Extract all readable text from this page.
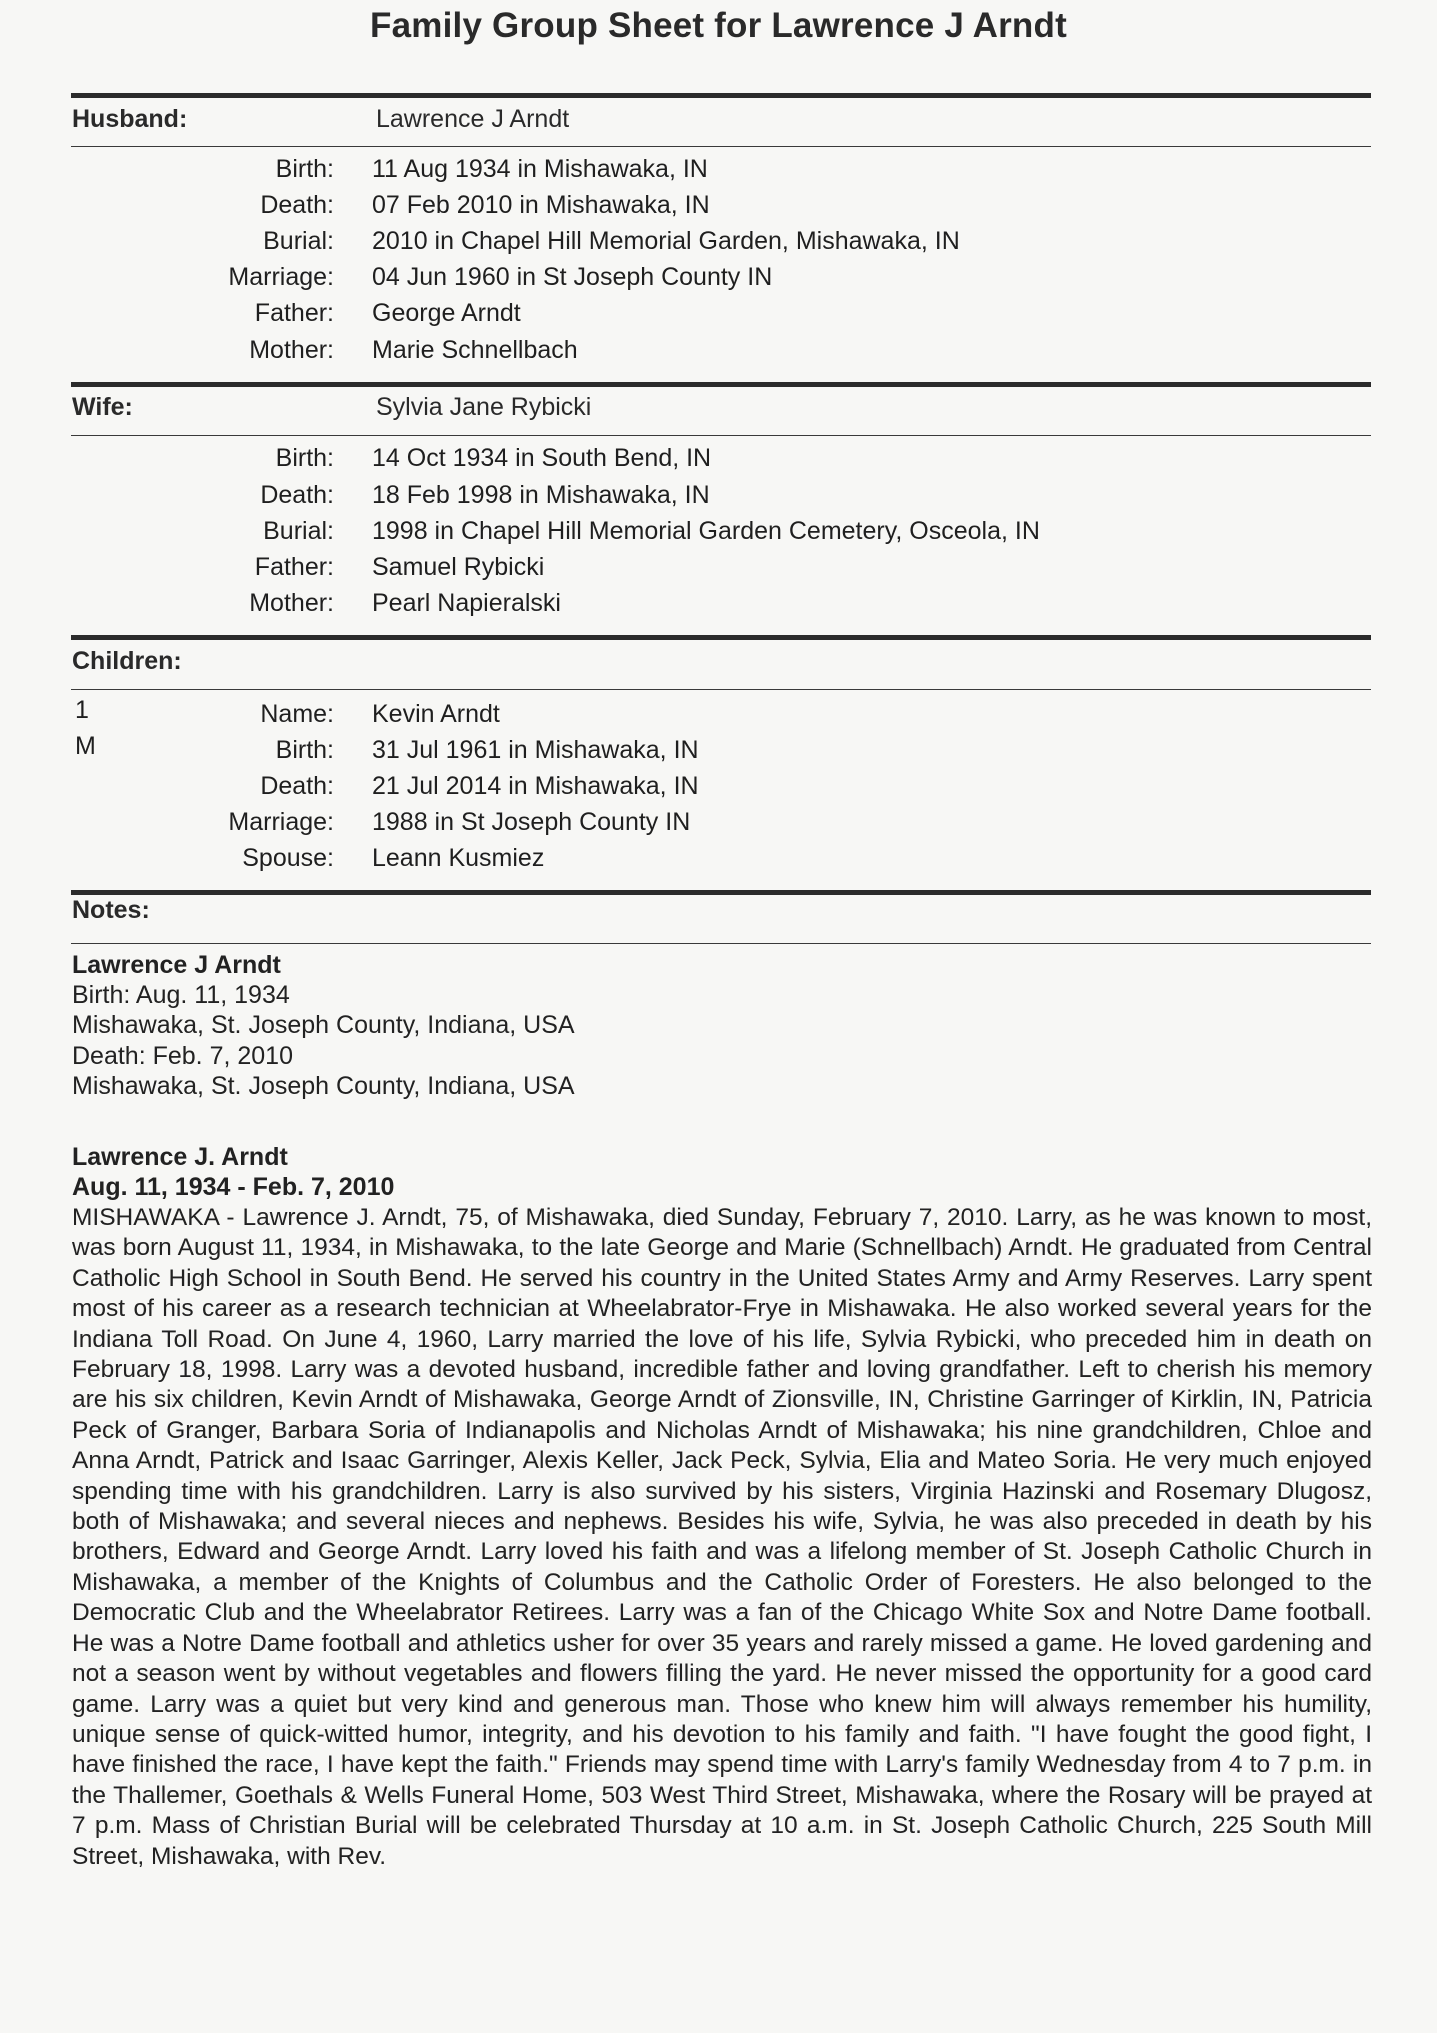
Family Group Sheet for Lawrence J Arndt
Husband:	Lawrence J Arndt
Birth: 11 Aug 1934 in Mishawaka, IN
Death: 07 Feb 2010 in Mishawaka, IN
Burial: 2010 in Chapel Hill Memorial Garden, Mishawaka, IN
Marriage: 04 Jun 1960 in St Joseph County IN
Father: George Arndt
Mother: Marie Schnellbach
Wife:	Sylvia Jane Rybicki
Birth: 14 Oct 1934 in South Bend, IN
Death: 18 Feb 1998 in Mishawaka, IN
Burial: 1998 in Chapel Hill Memorial Garden Cemetery, Osceola, IN
Father: Samuel Rybicki
Mother: Pearl Napieralski
Children:
1
M
Name: Kevin Arndt
Birth: 31 Jul 1961 in Mishawaka, IN
Death: 21 Jul 2014 in Mishawaka, IN
Marriage: 1988 in St Joseph County IN
Spouse: Leann Kusmiez
Notes:
Lawrence J Arndt
Birth: Aug. 11, 1934
Mishawaka, St. Joseph County, Indiana, USA
Death: Feb. 7, 2010
Mishawaka, St. Joseph County, Indiana, USA
Lawrence J. Arndt
Aug. 11, 1934 - Feb. 7, 2010
MISHAWAKA - Lawrence J. Arndt, 75, of Mishawaka, died Sunday, February 7, 2010. Larry, as he was known to most, was born August 11, 1934, in Mishawaka, to the late George and Marie (Schnellbach) Arndt. He graduated from Central Catholic High School in South Bend. He served his country in the United States Army and Army Reserves. Larry spent most of his career as a research technician at Wheelabrator-Frye in Mishawaka. He also worked several years for the Indiana Toll Road. On June 4, 1960, Larry married the love of his life, Sylvia Rybicki, who preceded him in death on February 18, 1998. Larry was a devoted husband, incredible father and loving grandfather. Left to cherish his memory are his six children, Kevin Arndt of Mishawaka, George Arndt of Zionsville, IN, Christine Garringer of Kirklin, IN, Patricia Peck of Granger, Barbara Soria of Indianapolis and Nicholas Arndt of Mishawaka; his nine grandchildren, Chloe and Anna Arndt, Patrick and Isaac Garringer, Alexis Keller, Jack Peck, Sylvia, Elia and Mateo Soria. He very much enjoyed spending time with his grandchildren. Larry is also survived by his sisters, Virginia Hazinski and Rosemary Dlugosz, both of Mishawaka; and several nieces and nephews. Besides his wife, Sylvia, he was also preceded in death by his brothers, Edward and George Arndt. Larry loved his faith and was a lifelong member of St. Joseph Catholic Church in Mishawaka, a member of the Knights of Columbus and the Catholic Order of Foresters. He also belonged to the Democratic Club and the Wheelabrator Retirees. Larry was a fan of the Chicago White Sox and Notre Dame football. He was a Notre Dame football and athletics usher for over 35 years and rarely missed a game. He loved gardening and not a season went by without vegetables and flowers filling the yard. He never missed the opportunity for a good card game. Larry was a quiet but very kind and generous man. Those who knew him will always remember his humility, unique sense of quick-witted humor, integrity, and his devotion to his family and faith. "I have fought the good fight, I have finished the race, I have kept the faith." Friends may spend time with Larry's family Wednesday from 4 to 7 p.m. in the Thallemer, Goethals & Wells Funeral Home, 503 West Third Street, Mishawaka, where the Rosary will be prayed at 7 p.m. Mass of Christian Burial will be celebrated Thursday at 10 a.m. in St. Joseph Catholic Church, 225 South Mill Street, Mishawaka, with Rev.
